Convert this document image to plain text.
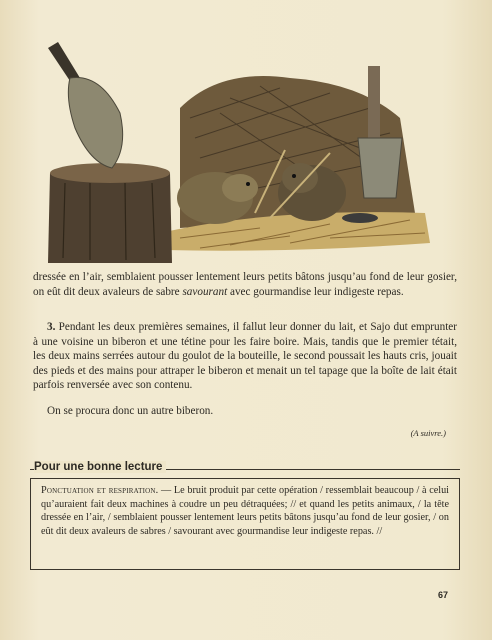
dressée en l’air, semblaient pousser lentement leurs petits bâtons jusqu’au fond de leur gosier, on eût dit deux avaleurs de sabre savourant avec gourmandise leur indigeste repas.
3. Pendant les deux premières semaines, il fallut leur donner du lait, et Sajo dut emprunter à une voisine un biberon et une tétine pour les faire boire. Mais, tandis que le premier tétait, les deux mains serrées autour du goulot de la bouteille, le second poussait les hauts cris, jouait des pieds et des mains pour attraper le biberon et menait un tel tapage que la boîte de lait était parfois renversée avec son contenu.
On se procura donc un autre biberon.
(A suivre.)
Pour une bonne lecture
Ponctuation et respiration. — Le bruit produit par cette opération / ressemblait beaucoup / à celui qu’auraient fait deux machines à coudre un peu détraquées; // et quand les petits animaux, / la tête dressée en l’air, / semblaient pousser lentement leurs petits bâtons jusqu’au fond de leur gosier, / on eût dit deux avaleurs de sabres / savourant avec gourmandise leur indigeste repas. //
67
